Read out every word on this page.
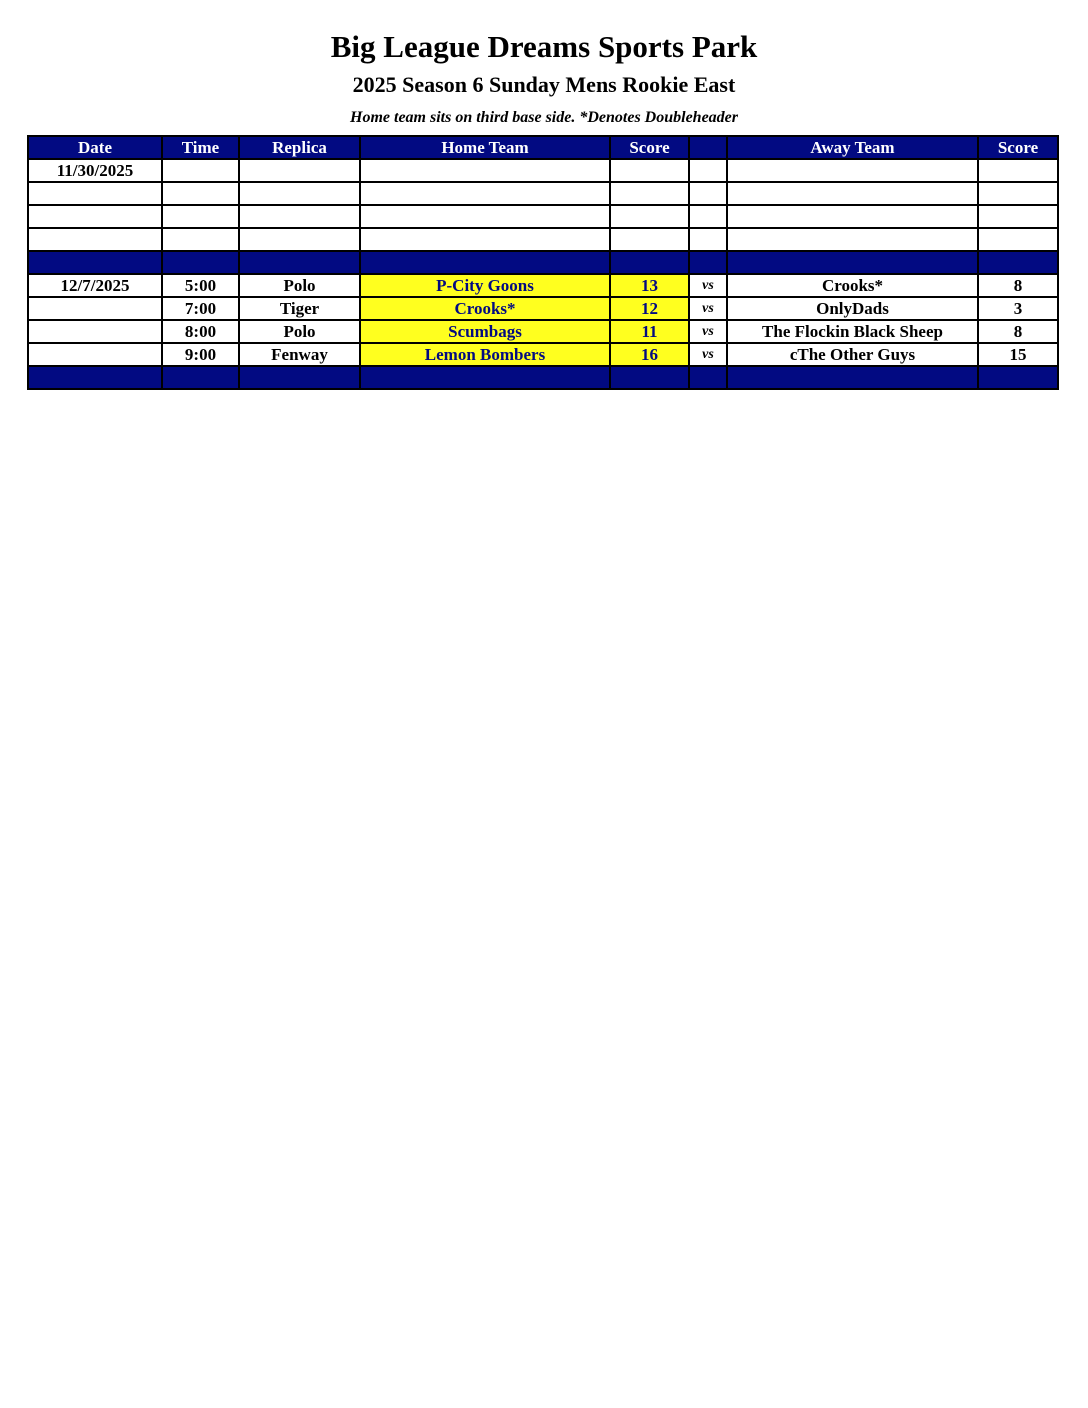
Big League Dreams Sports Park
2025 Season 6 Sunday Mens Rookie East
Home team sits on third base side. *Denotes Doubleheader
Date	Time	Replica	Home Team	Score		Away Team	Score
11/30/2025							

12/7/2025	5:00	Polo	P-City Goons	13	vs	Crooks*	8
	7:00	Tiger	Crooks*	12	vs	OnlyDads	3
	8:00	Polo	Scumbags	11	vs	The Flockin Black Sheep	8
	9:00	Fenway	Lemon Bombers	16	vs	cThe Other Guys	15
